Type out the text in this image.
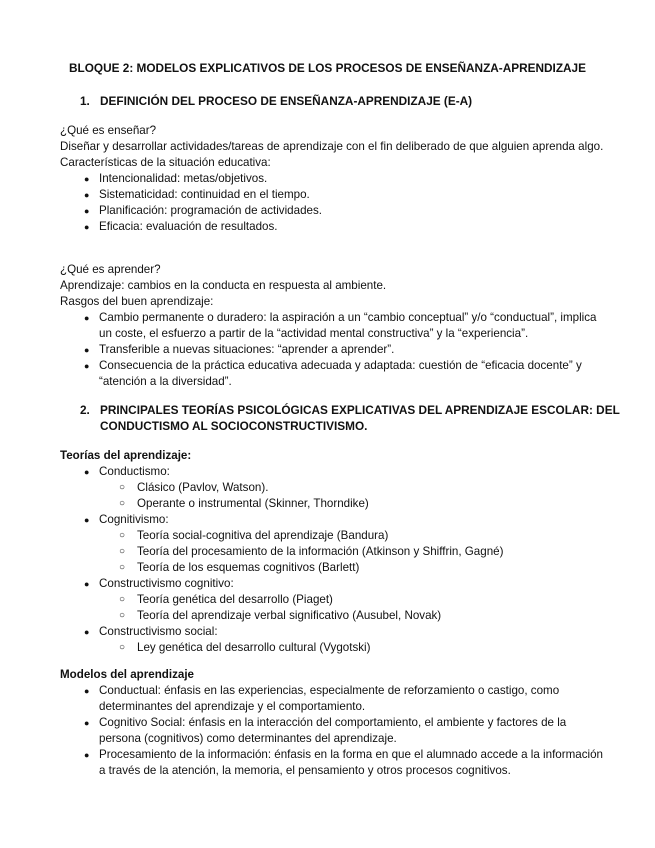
BLOQUE 2: MODELOS EXPLICATIVOS DE LOS PROCESOS DE ENSEÑANZA-APRENDIZAJE

1. DEFINICIÓN DEL PROCESO DE ENSEÑANZA-APRENDIZAJE (E-A)

¿Qué es enseñar?

Diseñar y desarrollar actividades/tareas de aprendizaje con el fin deliberado de que alguien aprenda algo.

Características de la situación educativa:

● Intencionalidad: metas/objetivos.
● Sistematicidad: continuidad en el tiempo.
● Planificación: programación de actividades.
● Eficacia: evaluación de resultados.

¿Qué es aprender?

Aprendizaje: cambios en la conducta en respuesta al ambiente.

Rasgos del buen aprendizaje:

● Cambio permanente o duradero: la aspiración a un “cambio conceptual” y/o “conductual”, implica un coste, el esfuerzo a partir de la “actividad mental constructiva” y la “experiencia”.
● Transferible a nuevas situaciones: “aprender a aprender”.
● Consecuencia de la práctica educativa adecuada y adaptada: cuestión de “eficacia docente” y “atención a la diversidad”.
2. PRINCIPALES TEORÍAS PSICOLÓGICAS EXPLICATIVAS DEL APRENDIZAJE ESCOLAR: DEL CONDUCTISMO AL SOCIOCONSTRUCTIVISMO.

Teorías del aprendizaje:

● Conductismo:
○ Clásico (Pavlov, Watson).
○ Operante o instrumental (Skinner, Thorndike)
● Cognitivismo:
○ Teoría social-cognitiva del aprendizaje (Bandura)
○ Teoría del procesamiento de la información (Atkinson y Shiffrin, Gagné)
○ Teoría de los esquemas cognitivos (Barlett)
● Constructivismo cognitivo:
○ Teoría genética del desarrollo (Piaget)
○ Teoría del aprendizaje verbal significativo (Ausubel, Novak)
● Constructivismo social:
○ Ley genética del desarrollo cultural (Vygotski)

Modelos del aprendizaje

● Conductual: énfasis en las experiencias, especialmente de reforzamiento o castigo, como determinantes del aprendizaje y el comportamiento.
● Cognitivo Social: énfasis en la interacción del comportamiento, el ambiente y factores de la persona (cognitivos) como determinantes del aprendizaje.
● Procesamiento de la información: énfasis en la forma en que el alumnado accede a la información a través de la atención, la memoria, el pensamiento y otros procesos cognitivos.
